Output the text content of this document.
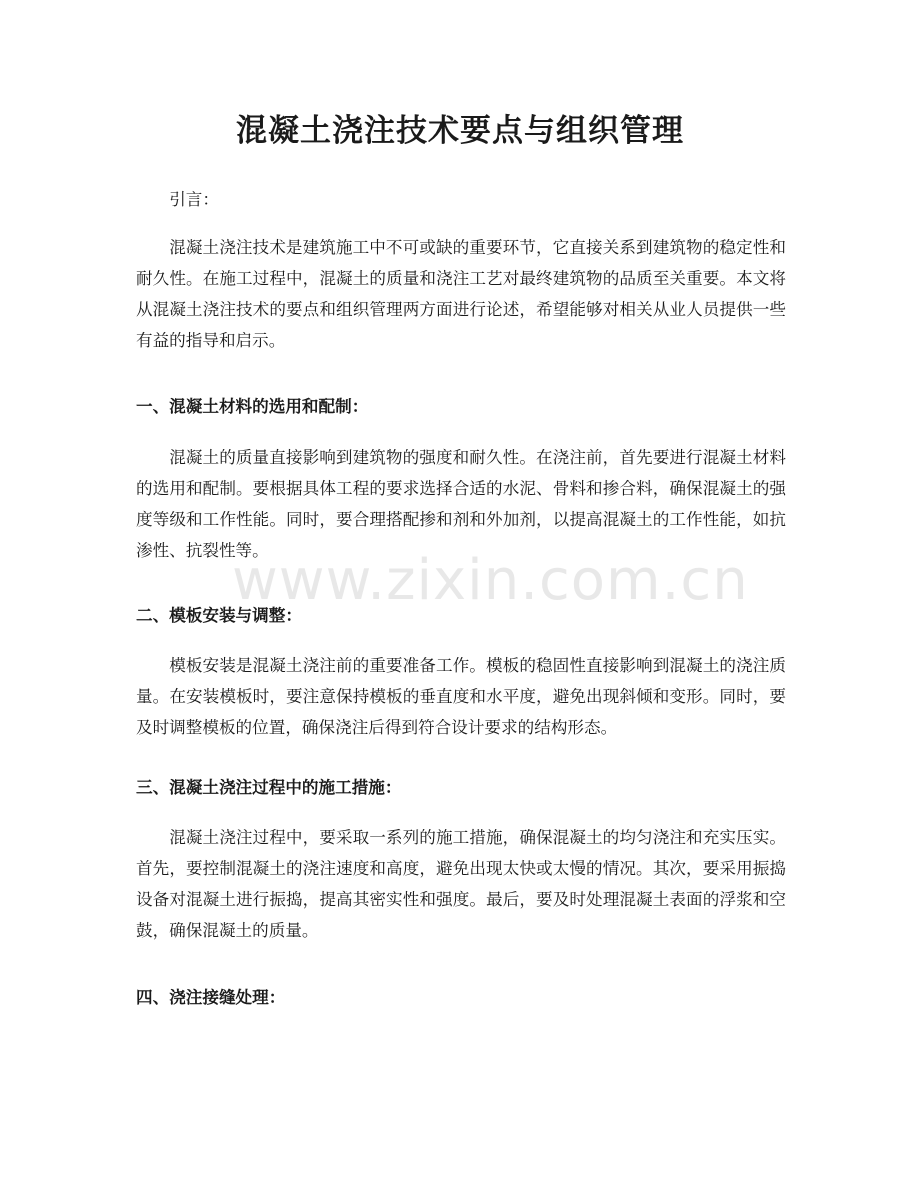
混凝土浇注技术要点与组织管理

引言：

混凝土浇注技术是建筑施工中不可或缺的重要环节，它直接关系到建筑物的稳定性和耐久性。在施工过程中，混凝土的质量和浇注工艺对最终建筑物的品质至关重要。本文将从混凝土浇注技术的要点和组织管理两方面进行论述，希望能够对相关从业人员提供一些有益的指导和启示。

一、混凝土材料的选用和配制：

混凝土的质量直接影响到建筑物的强度和耐久性。在浇注前，首先要进行混凝土材料的选用和配制。要根据具体工程的要求选择合适的水泥、骨料和掺合料，确保混凝土的强度等级和工作性能。同时，要合理搭配掺和剂和外加剂，以提高混凝土的工作性能，如抗渗性、抗裂性等。

二、模板安装与调整：

模板安装是混凝土浇注前的重要准备工作。模板的稳固性直接影响到混凝土的浇注质量。在安装模板时，要注意保持模板的垂直度和水平度，避免出现斜倾和变形。同时，要及时调整模板的位置，确保浇注后得到符合设计要求的结构形态。

三、混凝土浇注过程中的施工措施：

混凝土浇注过程中，要采取一系列的施工措施，确保混凝土的均匀浇注和充实压实。首先，要控制混凝土的浇注速度和高度，避免出现太快或太慢的情况。其次，要采用振捣设备对混凝土进行振捣，提高其密实性和强度。最后，要及时处理混凝土表面的浮浆和空鼓，确保混凝土的质量。

四、浇注接缝处理：
www.zixin.com.cn
